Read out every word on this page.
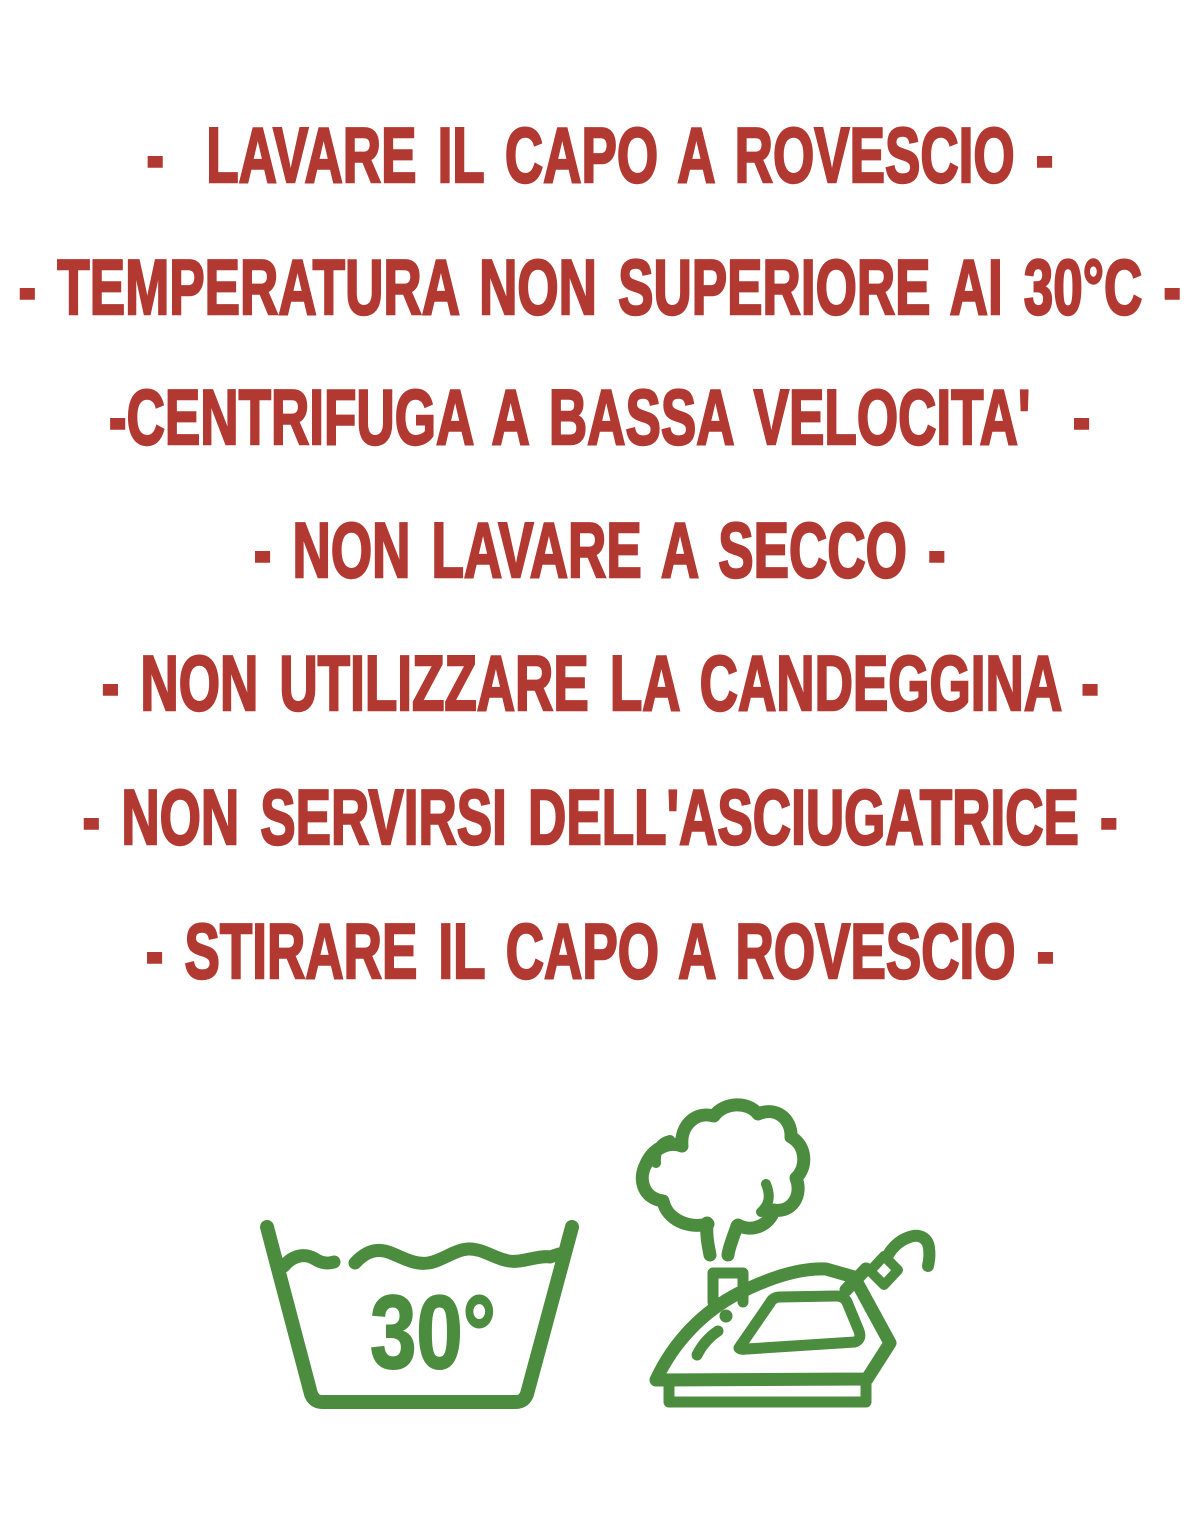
-  LAVARE IL CAPO A ROVESCIO -
- TEMPERATURA NON SUPERIORE AI 30°C -
-CENTRIFUGA A BASSA VELOCITA'  -
- NON LAVARE A SECCO -
- NON UTILIZZARE LA CANDEGGINA -
- NON SERVIRSI DELL'ASCIUGATRICE -
- STIRARE IL CAPO A ROVESCIO -
30°
